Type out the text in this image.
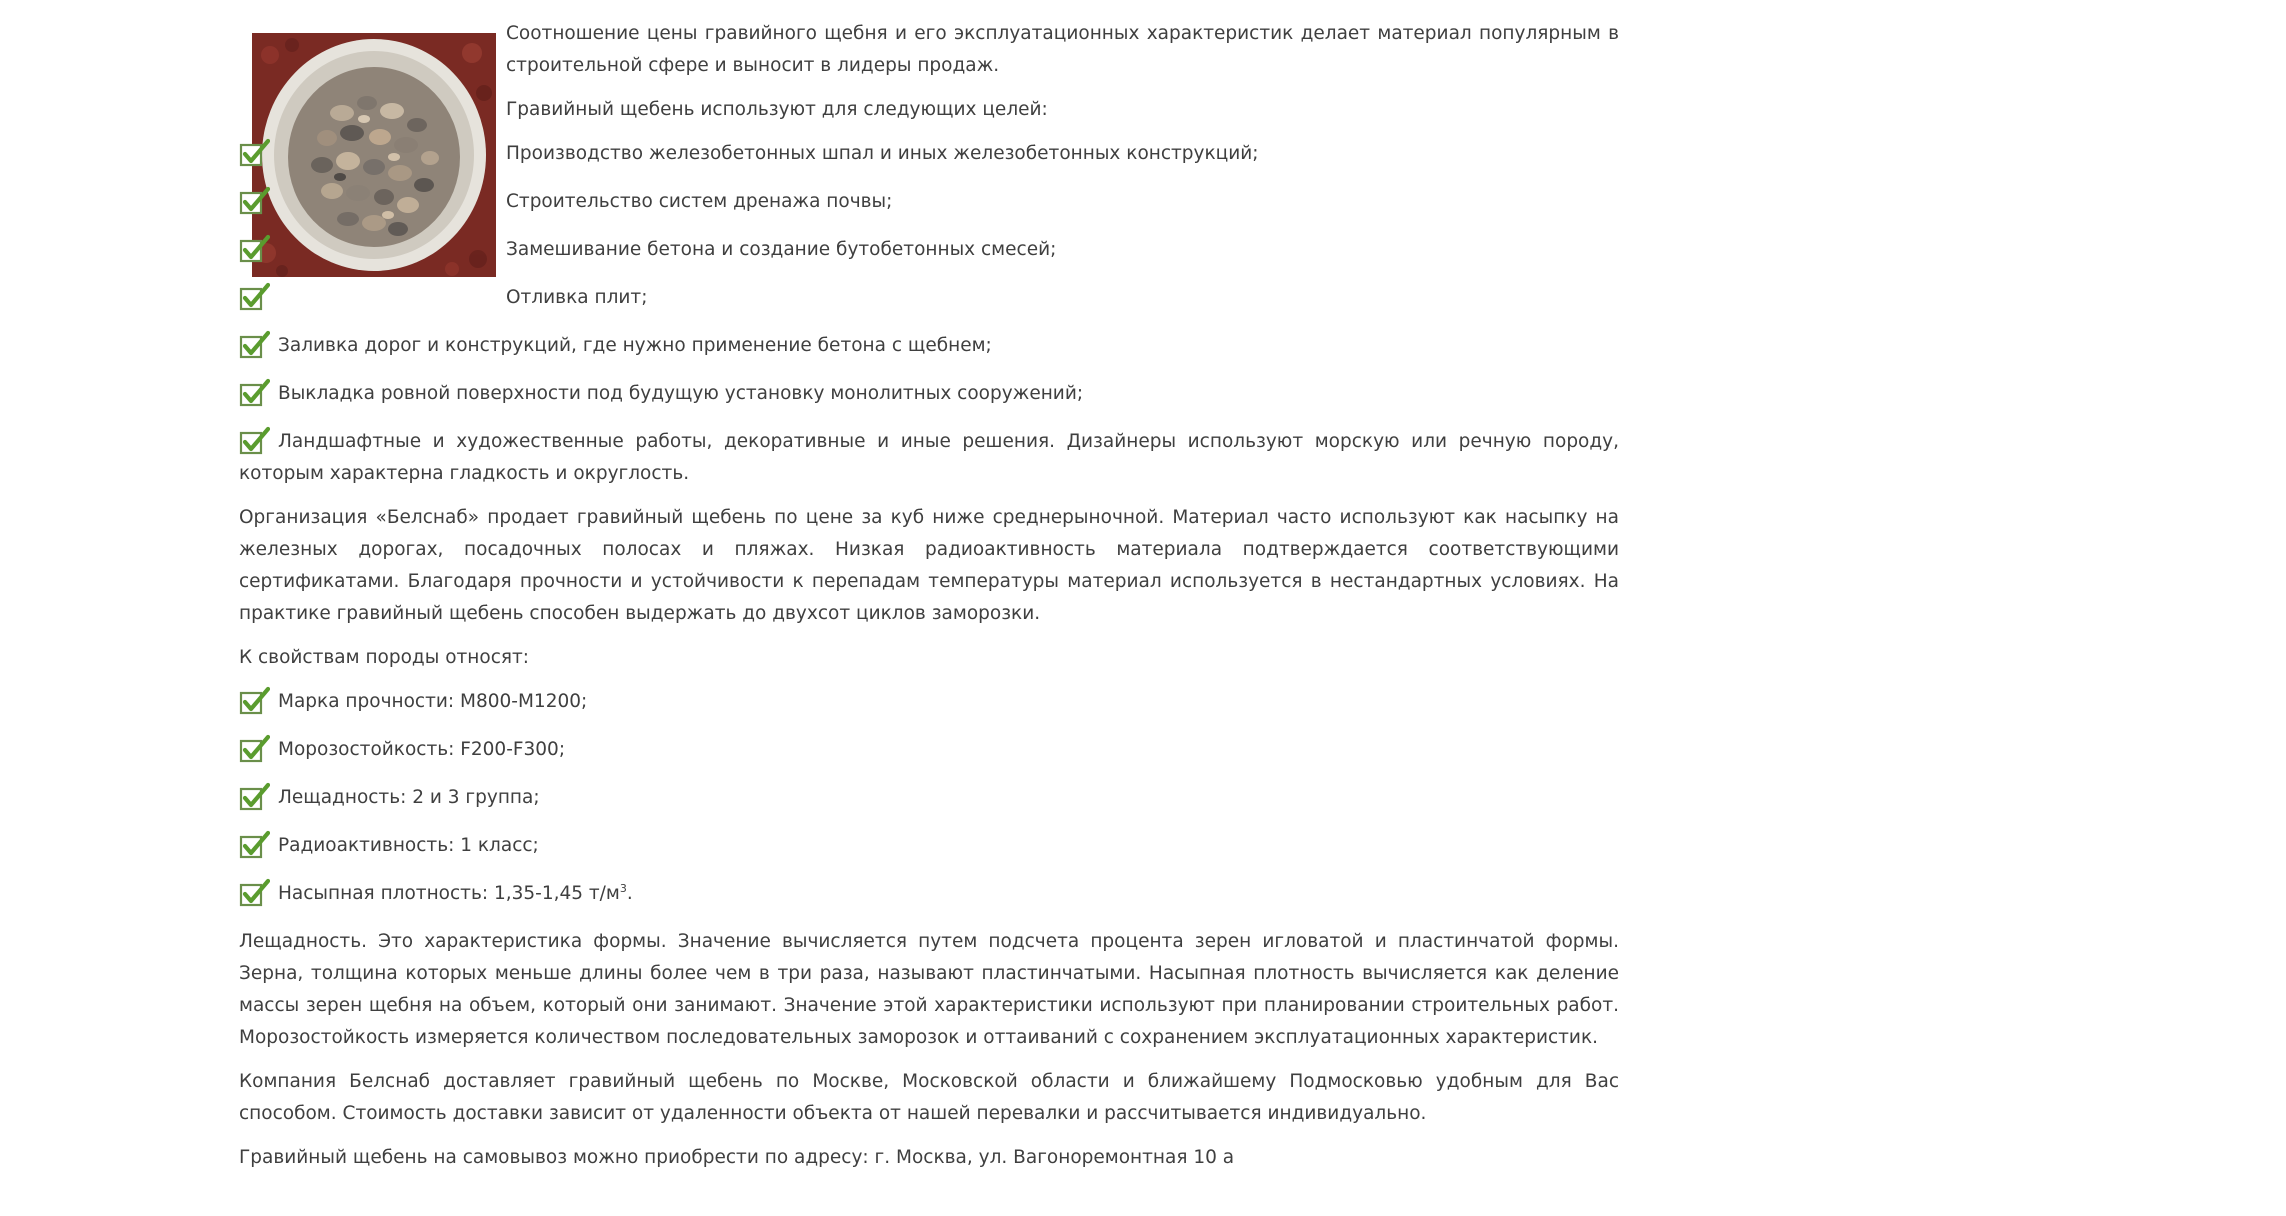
Соотношение цены гравийного щебня и его эксплуатационных характеристик делает материал популярным в строительной сфере и выносит в лидеры продаж.

Гравийный щебень используют для следующих целей:

Производство железобетонных шпал и иных железобетонных конструкций;
Строительство систем дренажа почвы;
Замешивание бетона и создание бутобетонных смесей;
Отливка плит;
Заливка дорог и конструкций, где нужно применение бетона с щебнем;
Выкладка ровной поверхности под будущую установку монолитных сооружений;
Ландшафтные и художественные работы, декоративные и иные решения. Дизайнеры используют морскую или речную породу, которым характерна гладкость и округлость.

Организация «Белснаб» продает гравийный щебень по цене за куб ниже среднерыночной. Материал часто используют как насыпку на железных дорогах, посадочных полосах и пляжах. Низкая радиоактивность материала подтверждается соответствующими сертификатами. Благодаря прочности и устойчивости к перепадам температуры материал используется в нестандартных условиях. На практике гравийный щебень способен выдержать до двухсот циклов заморозки.

К свойствам породы относят:

Марка прочности: М800-М1200;
Морозостойкость: F200-F300;
Лещадность: 2 и 3 группа;
Радиоактивность: 1 класс;
Насыпная плотность: 1,35-1,45 $т/м^3$.

Лещадность. Это характеристика формы. Значение вычисляется путем подсчета процента зерен игловатой и пластинчатой формы. Зерна, толщина которых меньше длины более чем в три раза, называют пластинчатыми. Насыпная плотность вычисляется как деление массы зерен щебня на объем, который они занимают. Значение этой характеристики используют при планировании строительных работ. Морозостойкость измеряется количеством последовательных заморозок и оттаиваний с сохранением эксплуатационных характеристик.

Компания Белснаб доставляет гравийный щебень по Москве, Московской области и ближайшему Подмосковью удобным для Вас способом. Стоимость доставки зависит от удаленности объекта от нашей перевалки и рассчитывается индивидуально.

Гравийный щебень на самовывоз можно приобрести по адресу: г. Москва, ул. Вагоноремонтная 10 а
